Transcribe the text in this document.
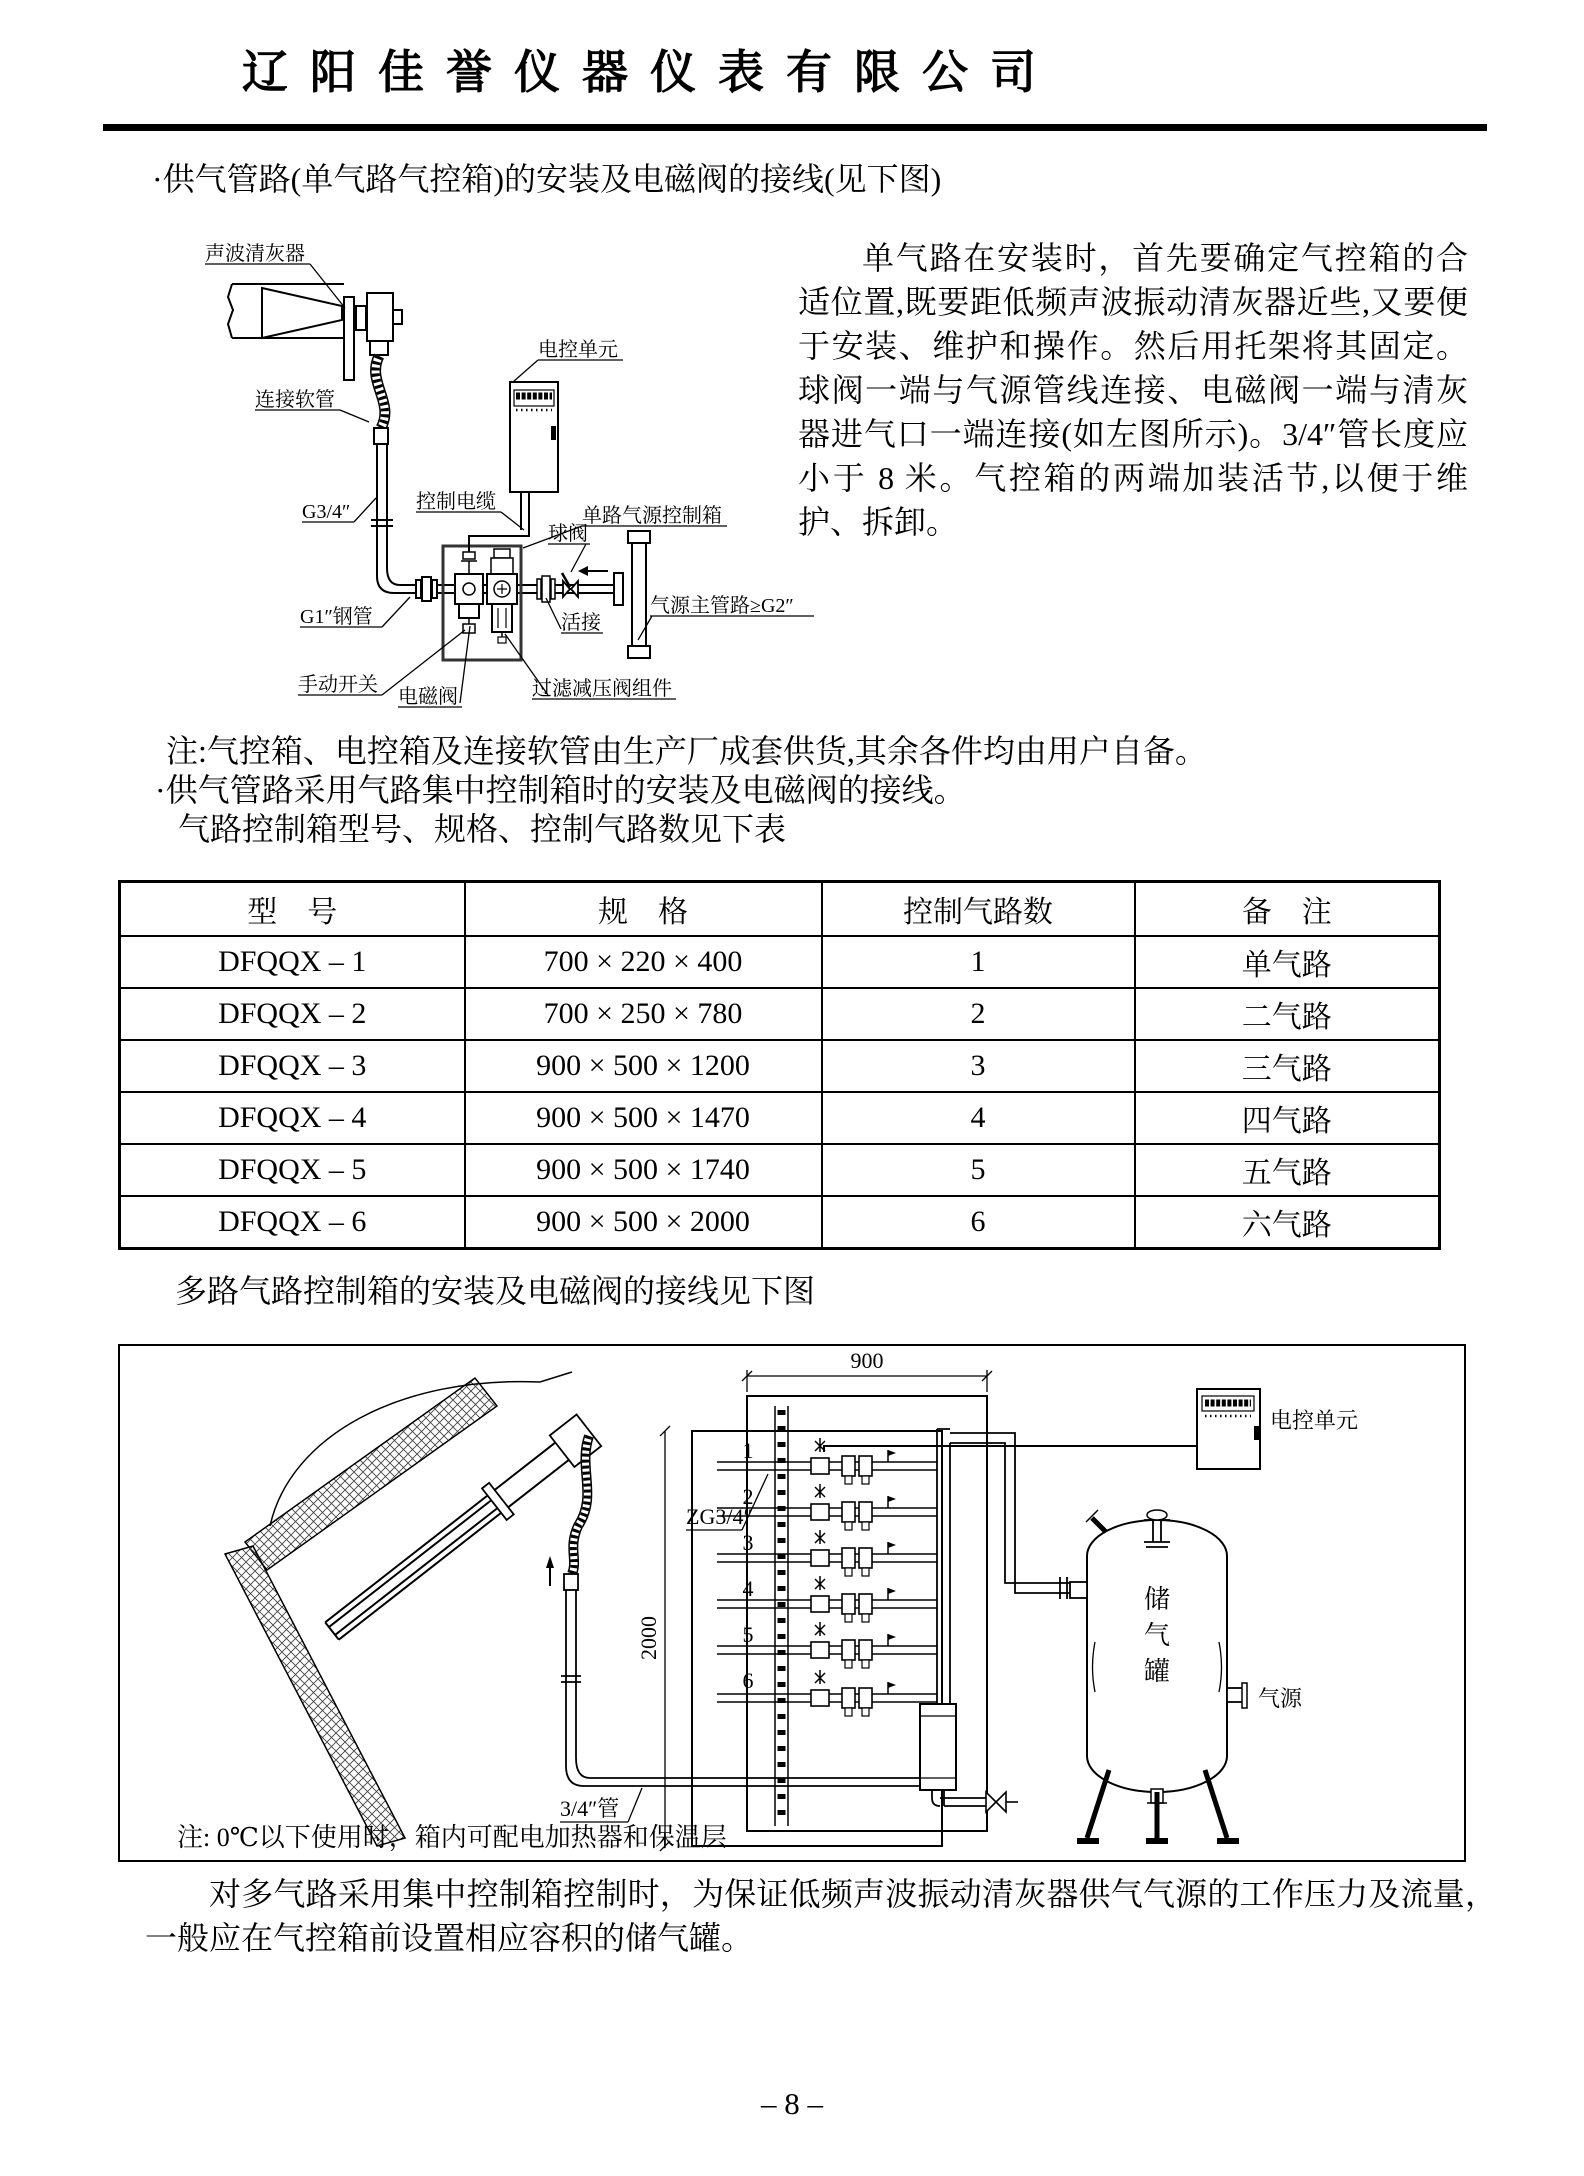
辽阳佳誉仪器仪表有限公司
·供气管路(单气路气控箱)的安装及电磁阀的接线(见下图)
声波清灰器
连接软管
电控单元
控制电缆
单路气源控制箱
G3/4″
球阀
G1″钢管	活接
气源主管路≥G2″
手动开关
电磁阀	过滤减压阀组件
单气路在安装时，首先要确定气控箱的合适位置,既要距低频声波振动清灰器近些,又要便于安装、维护和操作。然后用托架将其固定。球阀一端与气源管线连接、电磁阀一端与清灰器进气口一端连接(如左图所示)。3/4″管长度应小于 8 米。气控箱的两端加装活节,以便于维护、拆卸。
注:气控箱、电控箱及连接软管由生产厂成套供货,其余各件均由用户自备。
·供气管路采用气路集中控制箱时的安装及电磁阀的接线。
气路控制箱型号、规格、控制气路数见下表
型　号	规　格	控制气路数	备　注
DFQQX – 1	700 × 220 × 400	1	单气路
DFQQX – 2	700 × 250 × 780	2	二气路
DFQQX – 3	900 × 500 × 1200	3	三气路
DFQQX – 4	900 × 500 × 1470	4	四气路
DFQQX – 5	900 × 500 × 1740	5	五气路
DFQQX – 6	900 × 500 × 2000	6	六气路
多路气路控制箱的安装及电磁阀的接线见下图
2000
900
1
2
3
4
5
6
ZG3/4″
电控单元
储
气
罐
气源
3/4″管
注: 0℃以下使用时，箱内可配电加热器和保温层
对多气路采用集中控制箱控制时，为保证低频声波振动清灰器供气气源的工作压力及流量，一般应在气控箱前设置相应容积的储气罐。
– 8 –
